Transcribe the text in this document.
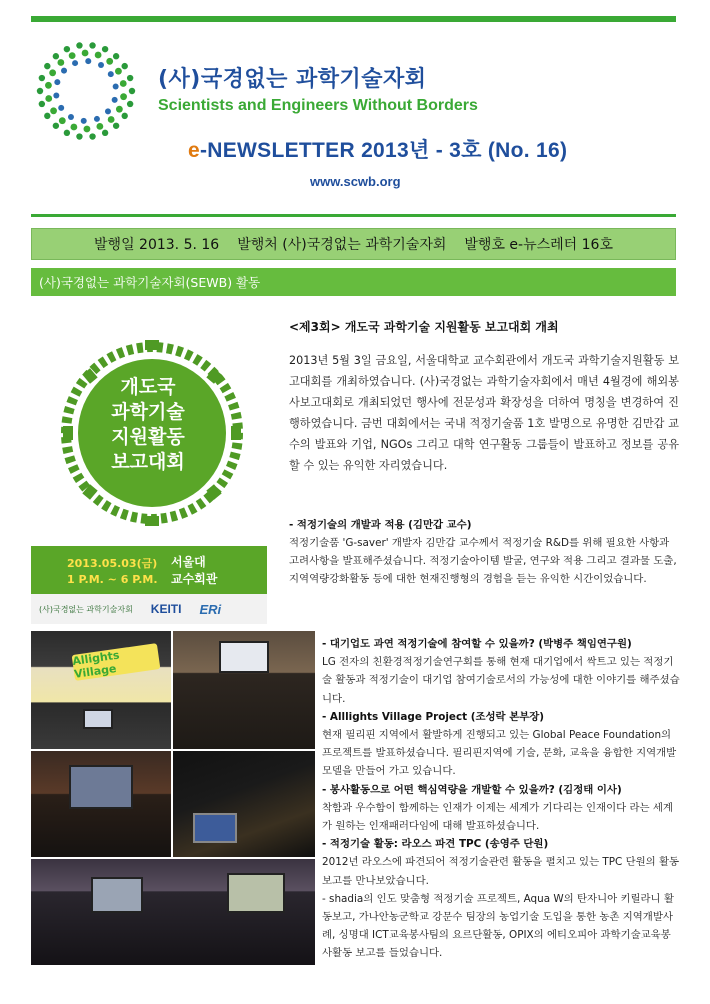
(사)국경없는 과학기술자회
Scientists and Engineers Without Borders
e-NEWSLETTER 2013년 - 3호 (No. 16)
www.scwb.org
발행일 2013. 5. 16 발행처 (사)국경없는 과학기술자회 발행호 e-뉴스레터 16호
(사)국경없는 과학기술자회(SEWB) 활동
개도국
과학기술
지원활동
보고대회
2013.05.03(금)
1 P.M. ~ 6 P.M.
서울대
교수회관
(사)국경없는 과학기술자회 KEITI ERi
<제3회> 개도국 과학기술 지원활동 보고대회 개최
2013년 5월 3일 금요일, 서울대학교 교수회관에서 개도국 과학기술지원활동 보고대회를 개최하였습니다. (사)국경없는 과학기술자회에서 매년 4월경에 해외봉사보고대회로 개최되었던 행사에 전문성과 확장성을 더하여 명칭을 변경하여 진행하였습니다. 금번 대회에서는 국내 적정기술품 1호 발명으로 유명한 김만갑 교수의 발표와 기업, NGOs 그리고 대학 연구활동 그룹들이 발표하고 정보를 공유할 수 있는 유익한 자리였습니다.
- 적정기술의 개발과 적용 (김만갑 교수)
적정기술품 'G-saver' 개발자 김만갑 교수께서 적정기술 R&D를 위해 필요한 사항과 고려사항을 발표해주셨습니다. 적정기술아이템 발굴, 연구와 적용 그리고 결과물 도출, 지역역량강화활동 등에 대한 현재진행형의 경험을 듣는 유익한 시간이었습니다.
Allights Village

- 대기업도 과연 적정기술에 참여할 수 있을까? (박병주 책임연구원)

LG 전자의 친환경적정기술연구회를 통해 현재 대기업에서 싹트고 있는 적정기술 활동과 적정기술이 대기업 참여기술로서의 가능성에 대한 이야기를 해주셨습니다.

- Alllights Village Project (조성락 본부장)

현재 필리핀 지역에서 활발하게 진행되고 있는 Global Peace Foundation의 프로젝트를 발표하셨습니다. 필리핀지역에 기술, 문화, 교육을 융합한 지역개발 모델을 만들어 가고 있습니다.

- 봉사활동으로 어떤 핵심역량을 개발할 수 있을까? (김정태 이사)

착함과 우수함이 함께하는 인재가 이제는 세계가 기다리는 인재이다 라는 세계가 원하는 인재패러다임에 대해 발표하셨습니다.

- 적정기술 활동: 라오스 파견 TPC (송영주 단원)

2012년 라오스에 파견되어 적정기술관련 활동을 펼치고 있는 TPC 단원의 활동보고를 만나보았습니다.

- shadia의 인도 맞춤형 적정기술 프로젝트, Aqua W의 탄자니아 키릴라니 활동보고, 가나안농군학교 강문수 팀장의 농업기술 도입을 통한 농촌 지역개발사례, 싱명대 ICT교육봉사팀의 요르단활동, OPIX의 에티오피아 과학기술교육봉사활동 보고를 들었습니다.
